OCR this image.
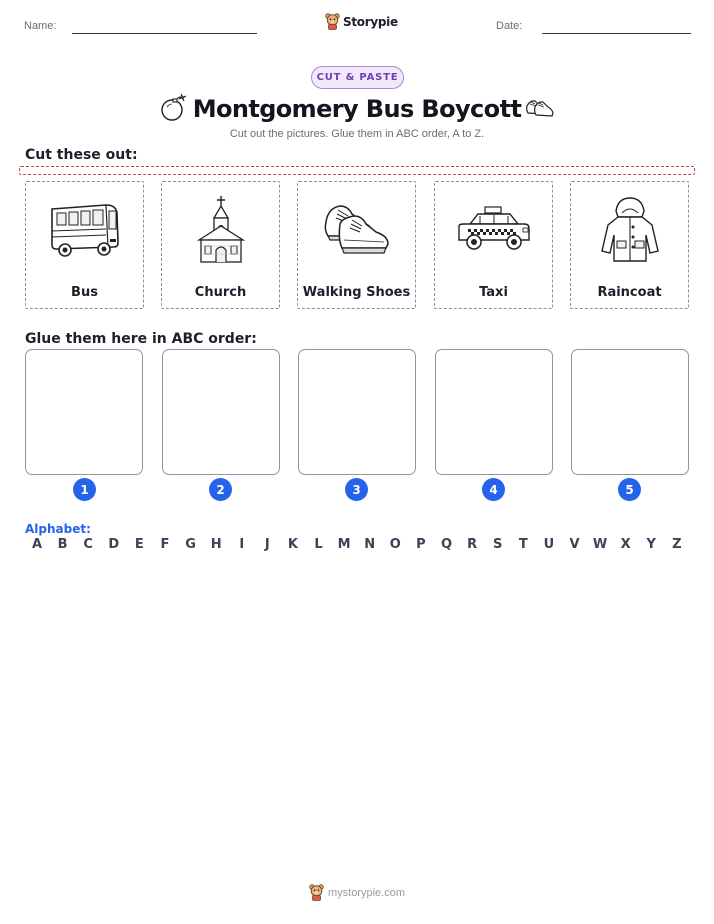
Name:	Storypie	Date:
CUT & PASTE
Montgomery Bus Boycott
Cut out the pictures. Glue them in ABC order, A to Z.
Cut these out:
Bus	Church	Walking Shoes	Taxi	Raincoat
Glue them here in ABC order:
1	2	3	4	5
Alphabet:
A	B	C	D	E	F	G	H	I	J	K	L	M	N	O	P	Q	R	S	T	U	V	W	X	Y	Z
mystorypie.com
